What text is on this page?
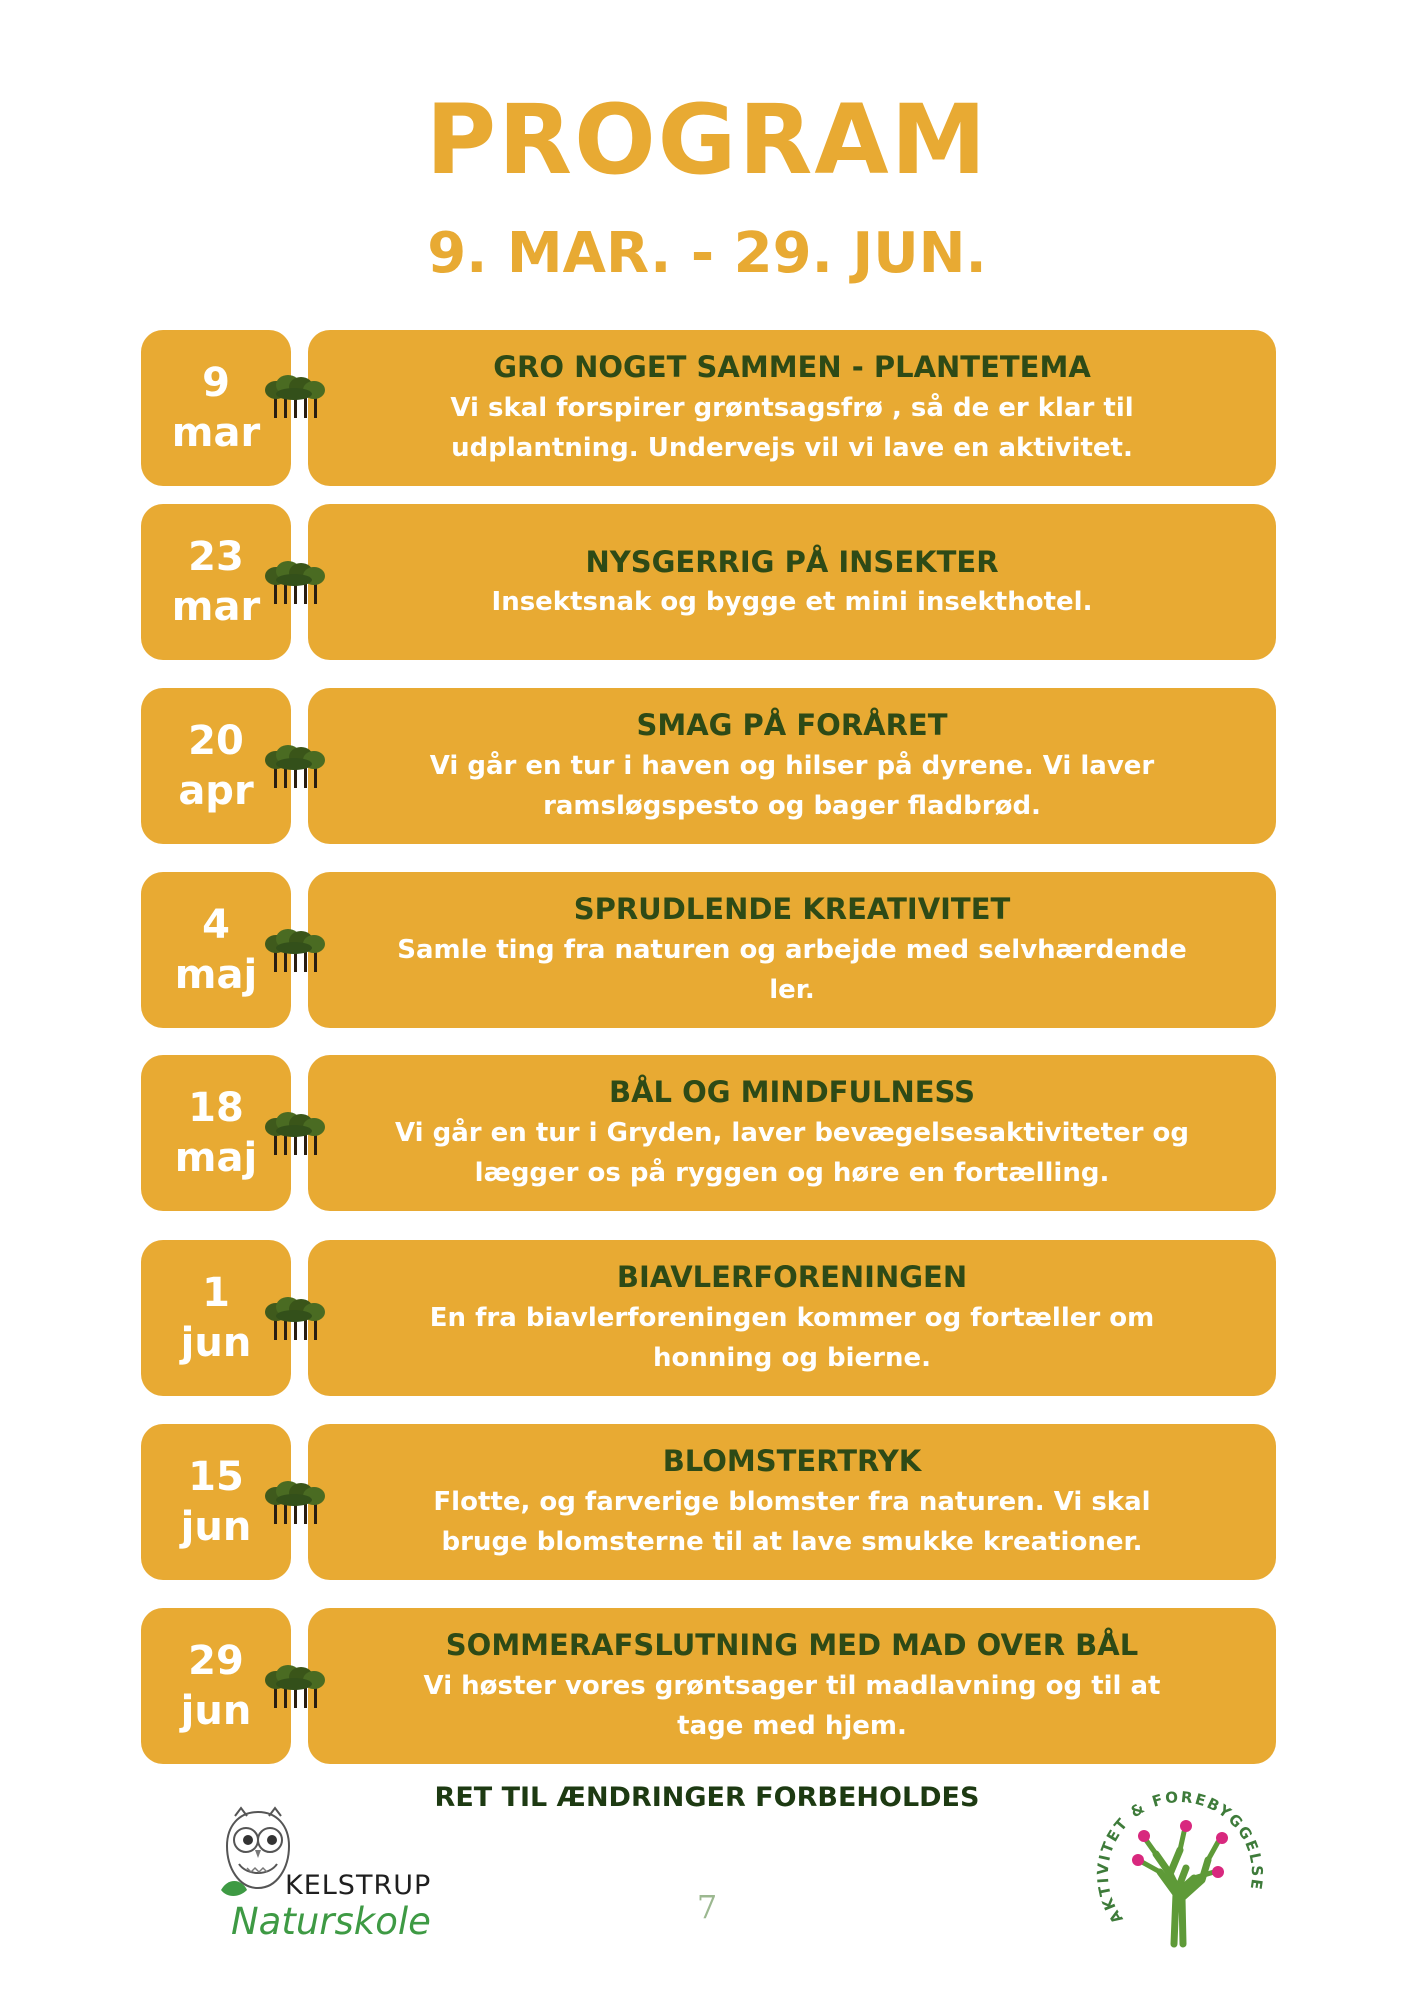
PROGRAM
9. MAR. - 29. JUN.
9
mar
GRO NOGET SAMMEN - PLANTETEMA
Vi skal forspirer grøntsagsfrø , så de er klar til
udplantning. Undervejs vil vi lave en aktivitet.
23
mar
NYSGERRIG PÅ INSEKTER
Insektsnak og bygge et mini insekthotel.
20
apr
SMAG PÅ FORÅRET
Vi går en tur i haven og hilser på dyrene. Vi laver
ramsløgspesto og bager fladbrød.
4
maj
SPRUDLENDE KREATIVITET
Samle ting fra naturen og arbejde med selvhærdende
ler.
18
maj
BÅL OG MINDFULNESS
Vi går en tur i Gryden, laver bevægelsesaktiviteter og
lægger os på ryggen og høre en fortælling.
1
jun
BIAVLERFORENINGEN
En fra biavlerforeningen kommer og fortæller om
honning og bierne.
15
jun
BLOMSTERTRYK
Flotte, og farverige blomster fra naturen. Vi skal
bruge blomsterne til at lave smukke kreationer.
29
jun
SOMMERAFSLUTNING MED MAD OVER BÅL
Vi høster vores grøntsager til madlavning og til at
tage med hjem.
RET TIL ÆNDRINGER FORBEHOLDES
7
KELSTRUP
Naturskole	AKTIVITET & FOREBYGGELSE
